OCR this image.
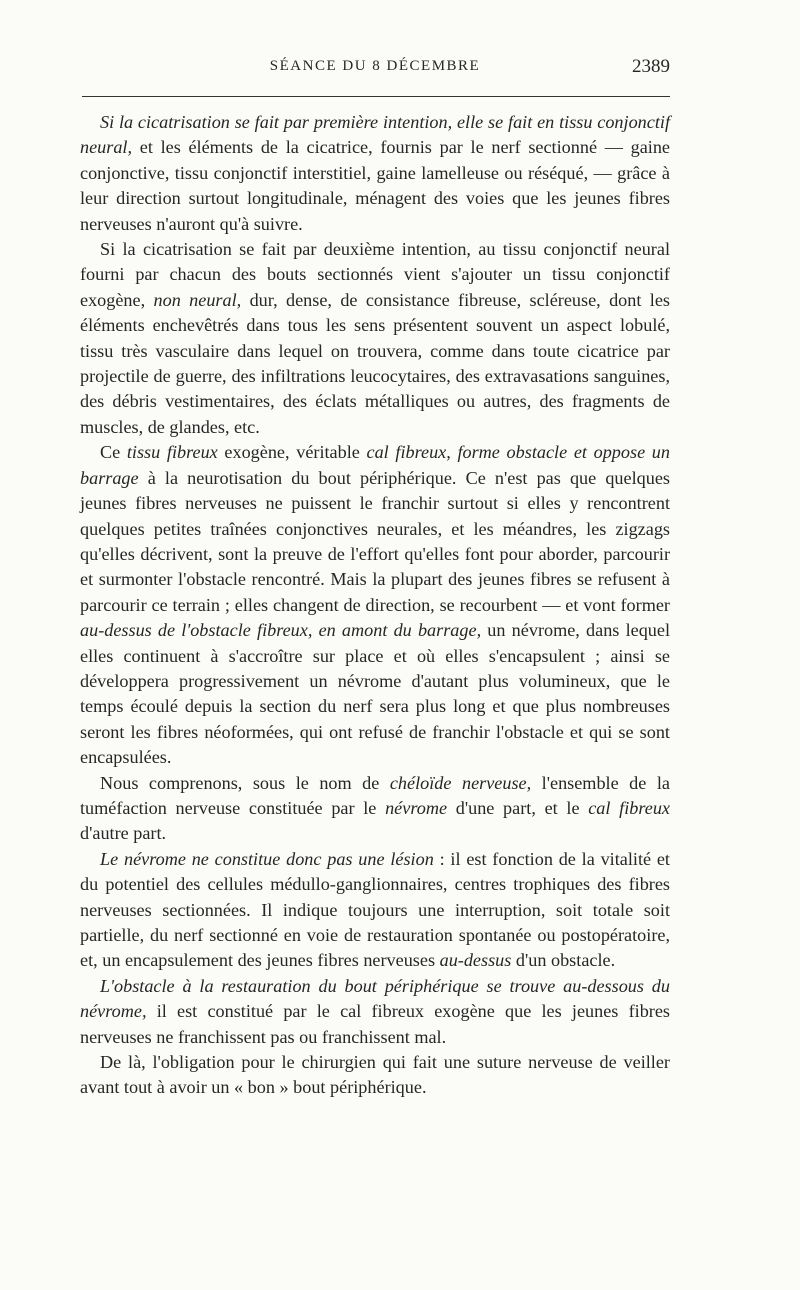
SÉANCE DU 8 DÉCEMBRE	2389

Si la cicatrisation se fait par première intention, elle se fait en tissu conjonctif neural, et les éléments de la cicatrice, fournis par le nerf sectionné — gaine conjonctive, tissu conjonctif interstitiel, gaine lamelleuse ou réséqué, — grâce à leur direction surtout longitudinale, ménagent des voies que les jeunes fibres nerveuses n'auront qu'à suivre.

Si la cicatrisation se fait par deuxième intention, au tissu conjonctif neural fourni par chacun des bouts sectionnés vient s'ajouter un tissu conjonctif exogène, non neural, dur, dense, de consistance fibreuse, scléreuse, dont les éléments enchevêtrés dans tous les sens présentent souvent un aspect lobulé, tissu très vasculaire dans lequel on trouvera, comme dans toute cicatrice par projectile de guerre, des infiltrations leucocytaires, des extravasations sanguines, des débris vestimentaires, des éclats métalliques ou autres, des fragments de muscles, de glandes, etc.

Ce tissu fibreux exogène, véritable cal fibreux, forme obstacle et oppose un barrage à la neurotisation du bout périphérique. Ce n'est pas que quelques jeunes fibres nerveuses ne puissent le franchir surtout si elles y rencontrent quelques petites traînées conjonctives neurales, et les méandres, les zigzags qu'elles décrivent, sont la preuve de l'effort qu'elles font pour aborder, parcourir et surmonter l'obstacle rencontré. Mais la plupart des jeunes fibres se refusent à parcourir ce terrain ; elles changent de direction, se recourbent — et vont former au-dessus de l'obstacle fibreux, en amont du barrage, un névrome, dans lequel elles continuent à s'accroître sur place et où elles s'encapsulent ; ainsi se développera progressivement un névrome d'autant plus volumineux, que le temps écoulé depuis la section du nerf sera plus long et que plus nombreuses seront les fibres néoformées, qui ont refusé de franchir l'obstacle et qui se sont encapsulées.

Nous comprenons, sous le nom de chéloïde nerveuse, l'ensemble de la tuméfaction nerveuse constituée par le névrome d'une part, et le cal fibreux d'autre part.

Le névrome ne constitue donc pas une lésion : il est fonction de la vitalité et du potentiel des cellules médullo-ganglionnaires, centres trophiques des fibres nerveuses sectionnées. Il indique toujours une interruption, soit totale soit partielle, du nerf sectionné en voie de restauration spontanée ou postopératoire, et, un encapsulement des jeunes fibres nerveuses au-dessus d'un obstacle.

L'obstacle à la restauration du bout périphérique se trouve au-dessous du névrome, il est constitué par le cal fibreux exogène que les jeunes fibres nerveuses ne franchissent pas ou franchissent mal.

De là, l'obligation pour le chirurgien qui fait une suture nerveuse de veiller avant tout à avoir un « bon » bout périphérique.
